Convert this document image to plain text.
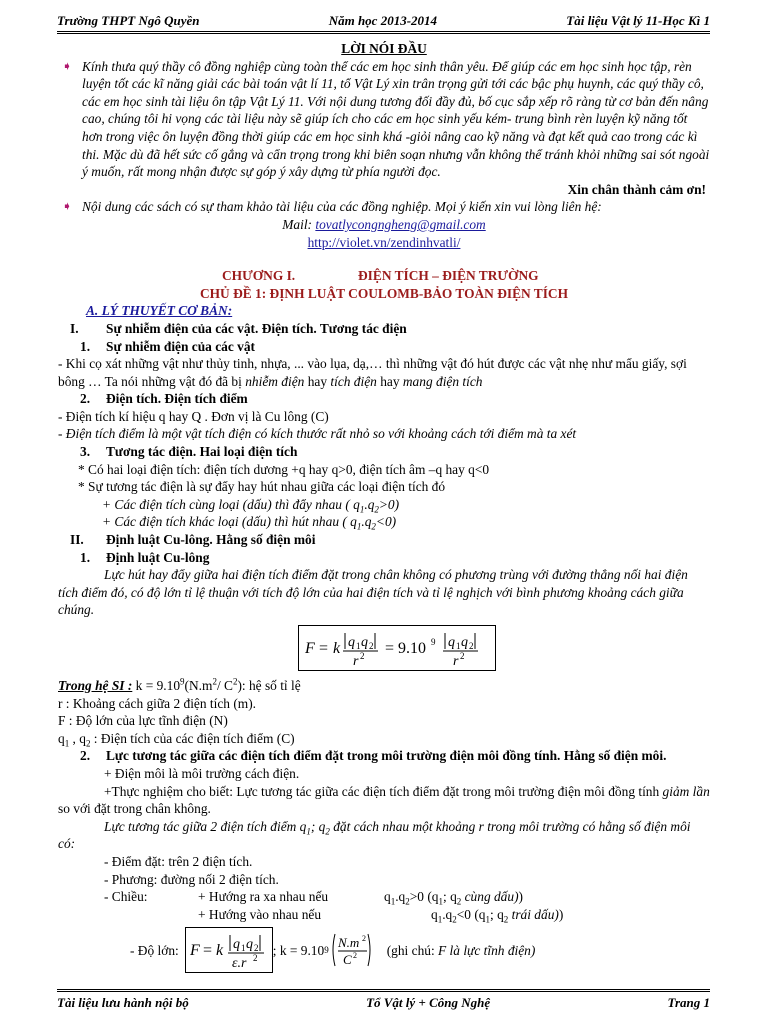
Trường THPT Ngô Quyền	Năm học 2013-2014	Tài liệu Vật lý 11-Học Kì 1
LỜI NÓI ĐẦU
➧ Kính thưa quý thầy cô đồng nghiệp cùng toàn thể các em học sinh thân yêu. Để giúp các em học sinh học tập, rèn luyện tốt các kĩ năng giải các bài toán vật lí 11, tổ Vật Lý xin trân trọng gửi tới các bậc phụ huynh, các quý thầy cô, các em học sinh tài liệu ôn tập Vật Lý 11. Với nội dung tương đối đầy đủ, bố cục sắp xếp rõ ràng từ cơ bản đến nâng cao, chúng tôi hi vọng các tài liệu này sẽ giúp ích cho các em học sinh yếu kém- trung bình rèn luyện kỹ năng tốt hơn trong việc ôn luyện đồng thời giúp các em học sinh khá -giỏi nâng cao kỹ năng và đạt kết quả cao trong các kì thi. Mặc dù đã hết sức cố gắng và cẩn trọng trong khi biên soạn nhưng vẫn không thể tránh khỏi những sai sót ngoài ý muốn, rất mong nhận được sự góp ý xây dựng từ phía người đọc.
Xin chân thành cảm ơn!
➧ Nội dung các sách có sự tham khảo tài liệu của các đồng nghiệp. Mọi ý kiến xin vui lòng liên hệ:
Mail: tovatlycongngheng@gmail.com
http://violet.vn/zendinhvatli/
CHƯƠNG I.	ĐIỆN TÍCH – ĐIỆN TRƯỜNG
CHỦ ĐỀ 1: ĐỊNH LUẬT COULOMB-BẢO TOÀN ĐIỆN TÍCH
A. LÝ THUYẾT CƠ BẢN:
I.	Sự nhiễm điện của các vật. Điện tích. Tương tác điện
1.	Sự nhiễm điện của các vật
- Khi cọ xát những vật như thủy tinh, nhựa, ... vào lụa, dạ,… thì những vật đó hút được các vật nhẹ như mẩu giấy, sợi bông … Ta nói những vật đó đã bị nhiễm điện hay tích điện hay mang điện tích
2.	Điện tích. Điện tích điểm
- Điện tích kí hiệu q hay Q . Đơn vị là Cu lông (C)
- Điện tích điểm là một vật tích điện có kích thước rất nhỏ so với khoảng cách tới điểm mà ta xét
3.	Tương tác điện. Hai loại điện tích
* Có hai loại điện tích: điện tích dương +q hay q>0, điện tích âm –q hay q<0
* Sự tương tác điện là sự đẩy hay hút nhau giữa các loại điện tích đó
+ Các điện tích cùng loại (dấu) thì đẩy nhau ( $q_1.q_2>0$)
+ Các điện tích khác loại (dấu) thì hút nhau ( $q_1.q_2<0$)
II.	Định luật Cu-lông. Hằng số điện môi
1.	Định luật Cu-lông
Lực hút hay đẩy giữa hai điện tích điểm đặt trong chân không có phương trùng với đường thẳng nối hai điện tích điểm đó, có độ lớn tỉ lệ thuận với tích độ lớn của hai điện tích và tỉ lệ nghịch với bình phương khoảng cách giữa chúng.
F = k q 1 q 2
r 2 = 9.10 9 q 1 q 2
r 2
Trong hệ SI : $k = 9.10^9(N.m^2/$ $C^2$): hệ số tỉ lệ
r : Khoảng cách giữa 2 điện tích (m).
F : Độ lớn của lực tĩnh điện (N)
$q_1$ , $q_2$ : Điện tích của các điện tích điểm (C)
2.	Lực tương tác giữa các điện tích điểm đặt trong môi trường điện môi đồng tính. Hằng số điện môi.
+ Điện môi là môi trường cách điện.
+Thực nghiệm cho biết: Lực tương tác giữa các điện tích điểm đặt trong môi trường điện môi đồng tính giảm lần so với đặt trong chân không.
Lực tương tác giữa 2 điện tích điểm $q_1$; $q_2$ đặt cách nhau một khoảng r trong môi trường có hằng số điện môi có:
- Điểm đặt: trên 2 điện tích.
- Phương: đường nối 2 điện tích.
- Chiều:	+ Hướng ra xa nhau nếu	$q_1.q_2>0$ ($q_1$; $q_2$ cùng dấu))
+ Hướng vào nhau nếu	$q_1.q_2<0$ ($q_1$; $q_2$ trái dấu))
- Độ lớn: F = k q 1 q 2
ε.r 2
; k = 9.10 9 N.m 2
C 2	(ghi chú: F là lực tĩnh điện)
Tài liệu lưu hành nội bộ	Tổ Vật lý + Công Nghệ	Trang 1
